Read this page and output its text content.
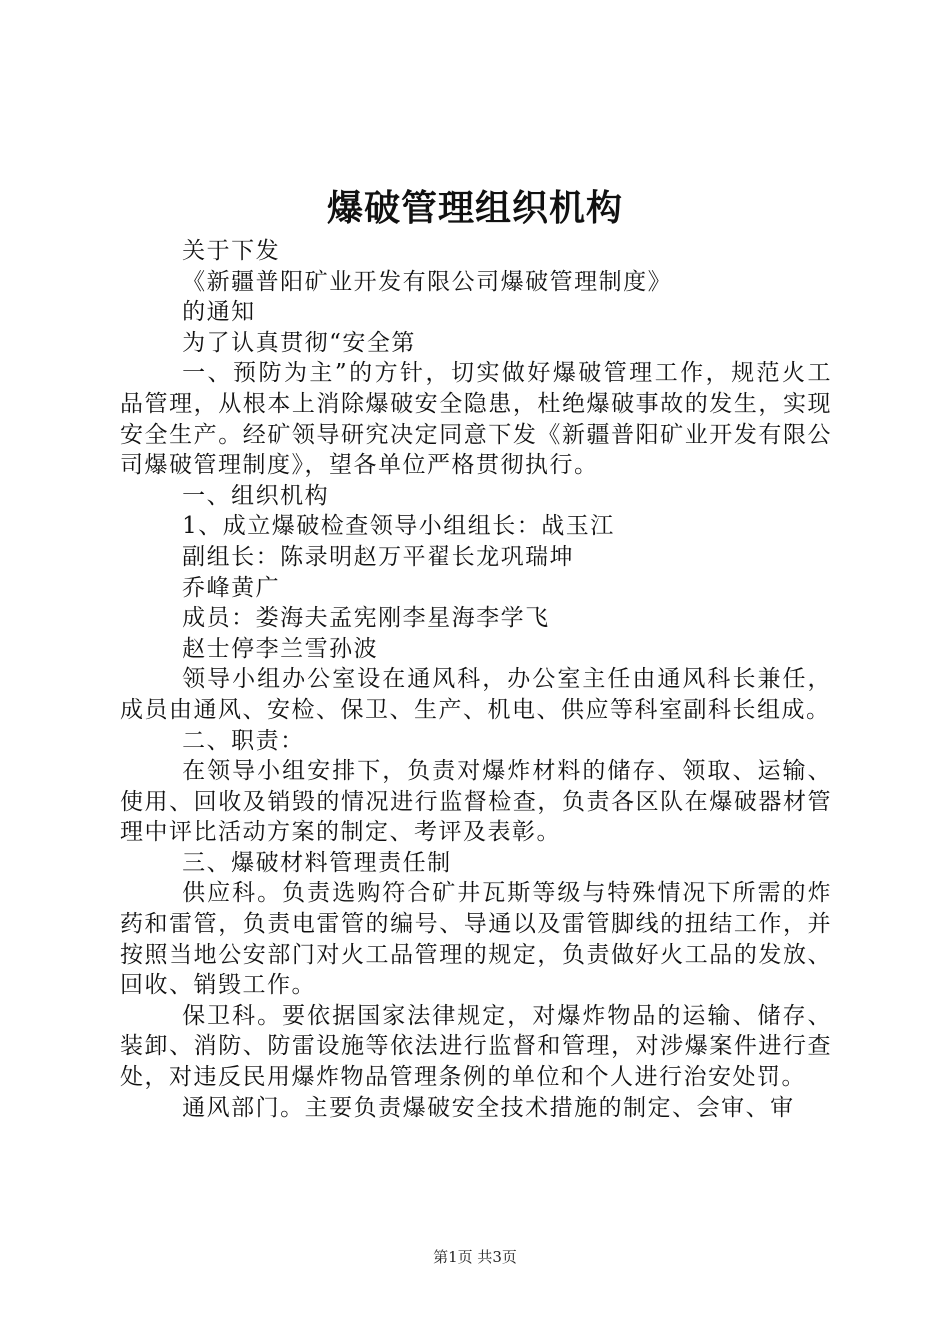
爆破管理组织机构

关于下发

《新疆普阳矿业开发有限公司爆破管理制度》

的通知

为了认真贯彻“安全第

一、预防为主”的方针，切实做好爆破管理工作，规范火工品管理，从根本上消除爆破安全隐患，杜绝爆破事故的发生，实现安全生产。经矿领导研究决定同意下发《新疆普阳矿业开发有限公司爆破管理制度》，望各单位严格贯彻执行。

一、组织机构

1、成立爆破检查领导小组组长：战玉江

副组长：陈录明赵万平翟长龙巩瑞坤

乔峰黄广

成员：娄海夫孟宪刚李星海李学飞

赵士停李兰雪孙波

领导小组办公室设在通风科，办公室主任由通风科长兼任，成员由通风、安检、保卫、生产、机电、供应等科室副科长组成。

二、职责：

在领导小组安排下，负责对爆炸材料的储存、领取、运输、使用、回收及销毁的情况进行监督检查，负责各区队在爆破器材管理中评比活动方案的制定、考评及表彰。

三、爆破材料管理责任制

供应科。负责选购符合矿井瓦斯等级与特殊情况下所需的炸药和雷管，负责电雷管的编号、导通以及雷管脚线的扭结工作，并按照当地公安部门对火工品管理的规定，负责做好火工品的发放、回收、销毁工作。

保卫科。要依据国家法律规定，对爆炸物品的运输、储存、装卸、消防、防雷设施等依法进行监督和管理，对涉爆案件进行查处，对违反民用爆炸物品管理条例的单位和个人进行治安处罚。

通风部门。主要负责爆破安全技术措施的制定、会审、审

第1页 共3页
